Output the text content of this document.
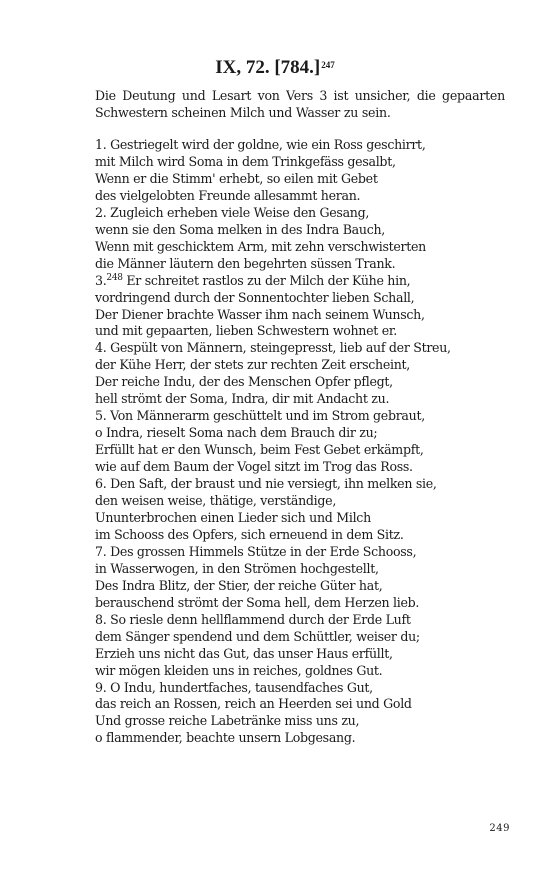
IX, 72. $[784.]^{247}$
Die Deutung und Lesart von Vers 3 ist unsicher, die gepaarten Schwestern scheinen Milch und Wasser zu sein.
1. Gestriegelt wird der goldne, wie ein Ross geschirrt,
mit Milch wird Soma in dem Trinkgefäss gesalbt,
Wenn er die Stimm' erhebt, so eilen mit Gebet
des vielgelobten Freunde allesammt heran.
2. Zugleich erheben viele Weise den Gesang,
wenn sie den Soma melken in des Indra Bauch,
Wenn mit geschicktem Arm, mit zehn verschwisterten
die Männer läutern den begehrten süssen Trank.
3.$^{248}$ Er schreitet rastlos zu der Milch der Kühe hin,
vordringend durch der Sonnentochter lieben Schall,
Der Diener brachte Wasser ihm nach seinem Wunsch,
und mit gepaarten, lieben Schwestern wohnet er.
4. Gespült von Männern, steingepresst, lieb auf der Streu,
der Kühe Herr, der stets zur rechten Zeit erscheint,
Der reiche Indu, der des Menschen Opfer pflegt,
hell strömt der Soma, Indra, dir mit Andacht zu.
5. Von Männerarm geschüttelt und im Strom gebraut,
o Indra, rieselt Soma nach dem Brauch dir zu;
Erfüllt hat er den Wunsch, beim Fest Gebet erkämpft,
wie auf dem Baum der Vogel sitzt im Trog das Ross.
6. Den Saft, der braust und nie versiegt, ihn melken sie,
den weisen weise, thätige, verständige,
Ununterbrochen einen Lieder sich und Milch
im Schooss des Opfers, sich erneuend in dem Sitz.
7. Des grossen Himmels Stütze in der Erde Schooss,
in Wasserwogen, in den Strömen hochgestellt,
Des Indra Blitz, der Stier, der reiche Güter hat,
berauschend strömt der Soma hell, dem Herzen lieb.
8. So riesle denn hellflammend durch der Erde Luft
dem Sänger spendend und dem Schüttler, weiser du;
Erzieh uns nicht das Gut, das unser Haus erfüllt,
wir mögen kleiden uns in reiches, goldnes Gut.
9. O Indu, hundertfaches, tausendfaches Gut,
das reich an Rossen, reich an Heerden sei und Gold
Und grosse reiche Labetränke miss uns zu,
o flammender, beachte unsern Lobgesang.
249
